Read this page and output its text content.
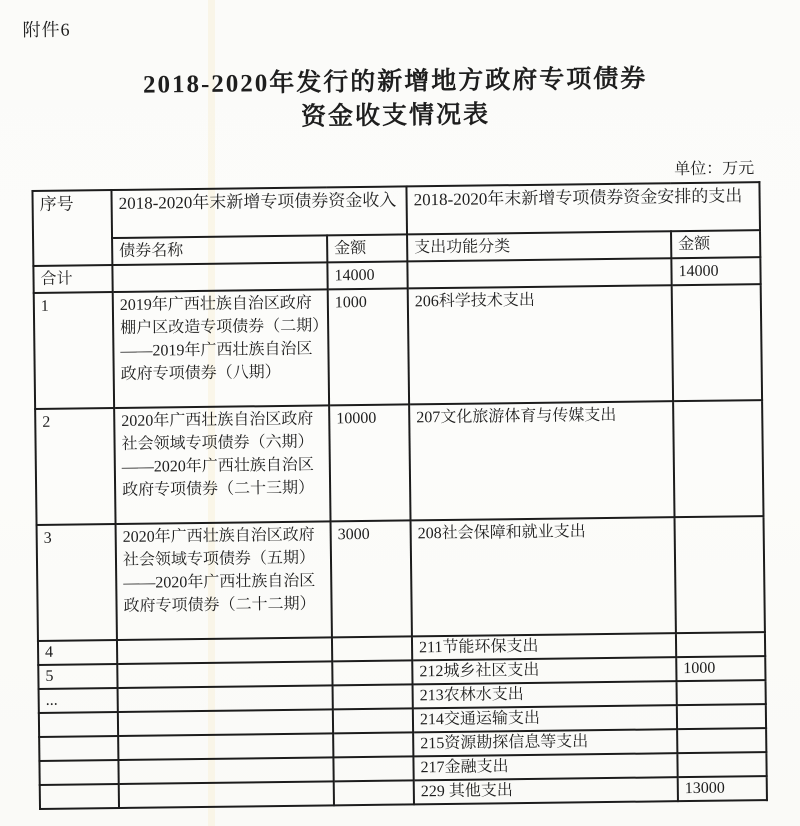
附件6
2018-2020年发行的新增地方政府专项债券
资金收支情况表
单位：万元
序号	2018-2020年末新增专项债券资金收入		2018-2020年末新增专项债券资金安排的支出	
	债券名称	金额	支出功能分类	金额
合计		14000		14000
1	2019年广西壮族自治区政府棚户区改造专项债券（二期）——2019年广西壮族自治区政府专项债券（八期）	1000	206科学技术支出	
2	2020年广西壮族自治区政府社会领域专项债券（六期）——2020年广西壮族自治区政府专项债券（二十三期）	10000	207文化旅游体育与传媒支出	
3	2020年广西壮族自治区政府社会领域专项债券（五期）——2020年广西壮族自治区政府专项债券（二十二期）	3000	208社会保障和就业支出	
4			211节能环保支出	
5			212城乡社区支出	1000
...			213农林水支出	
			214交通运输支出	
			215资源勘探信息等支出	
			217金融支出	
			229 其他支出	13000
